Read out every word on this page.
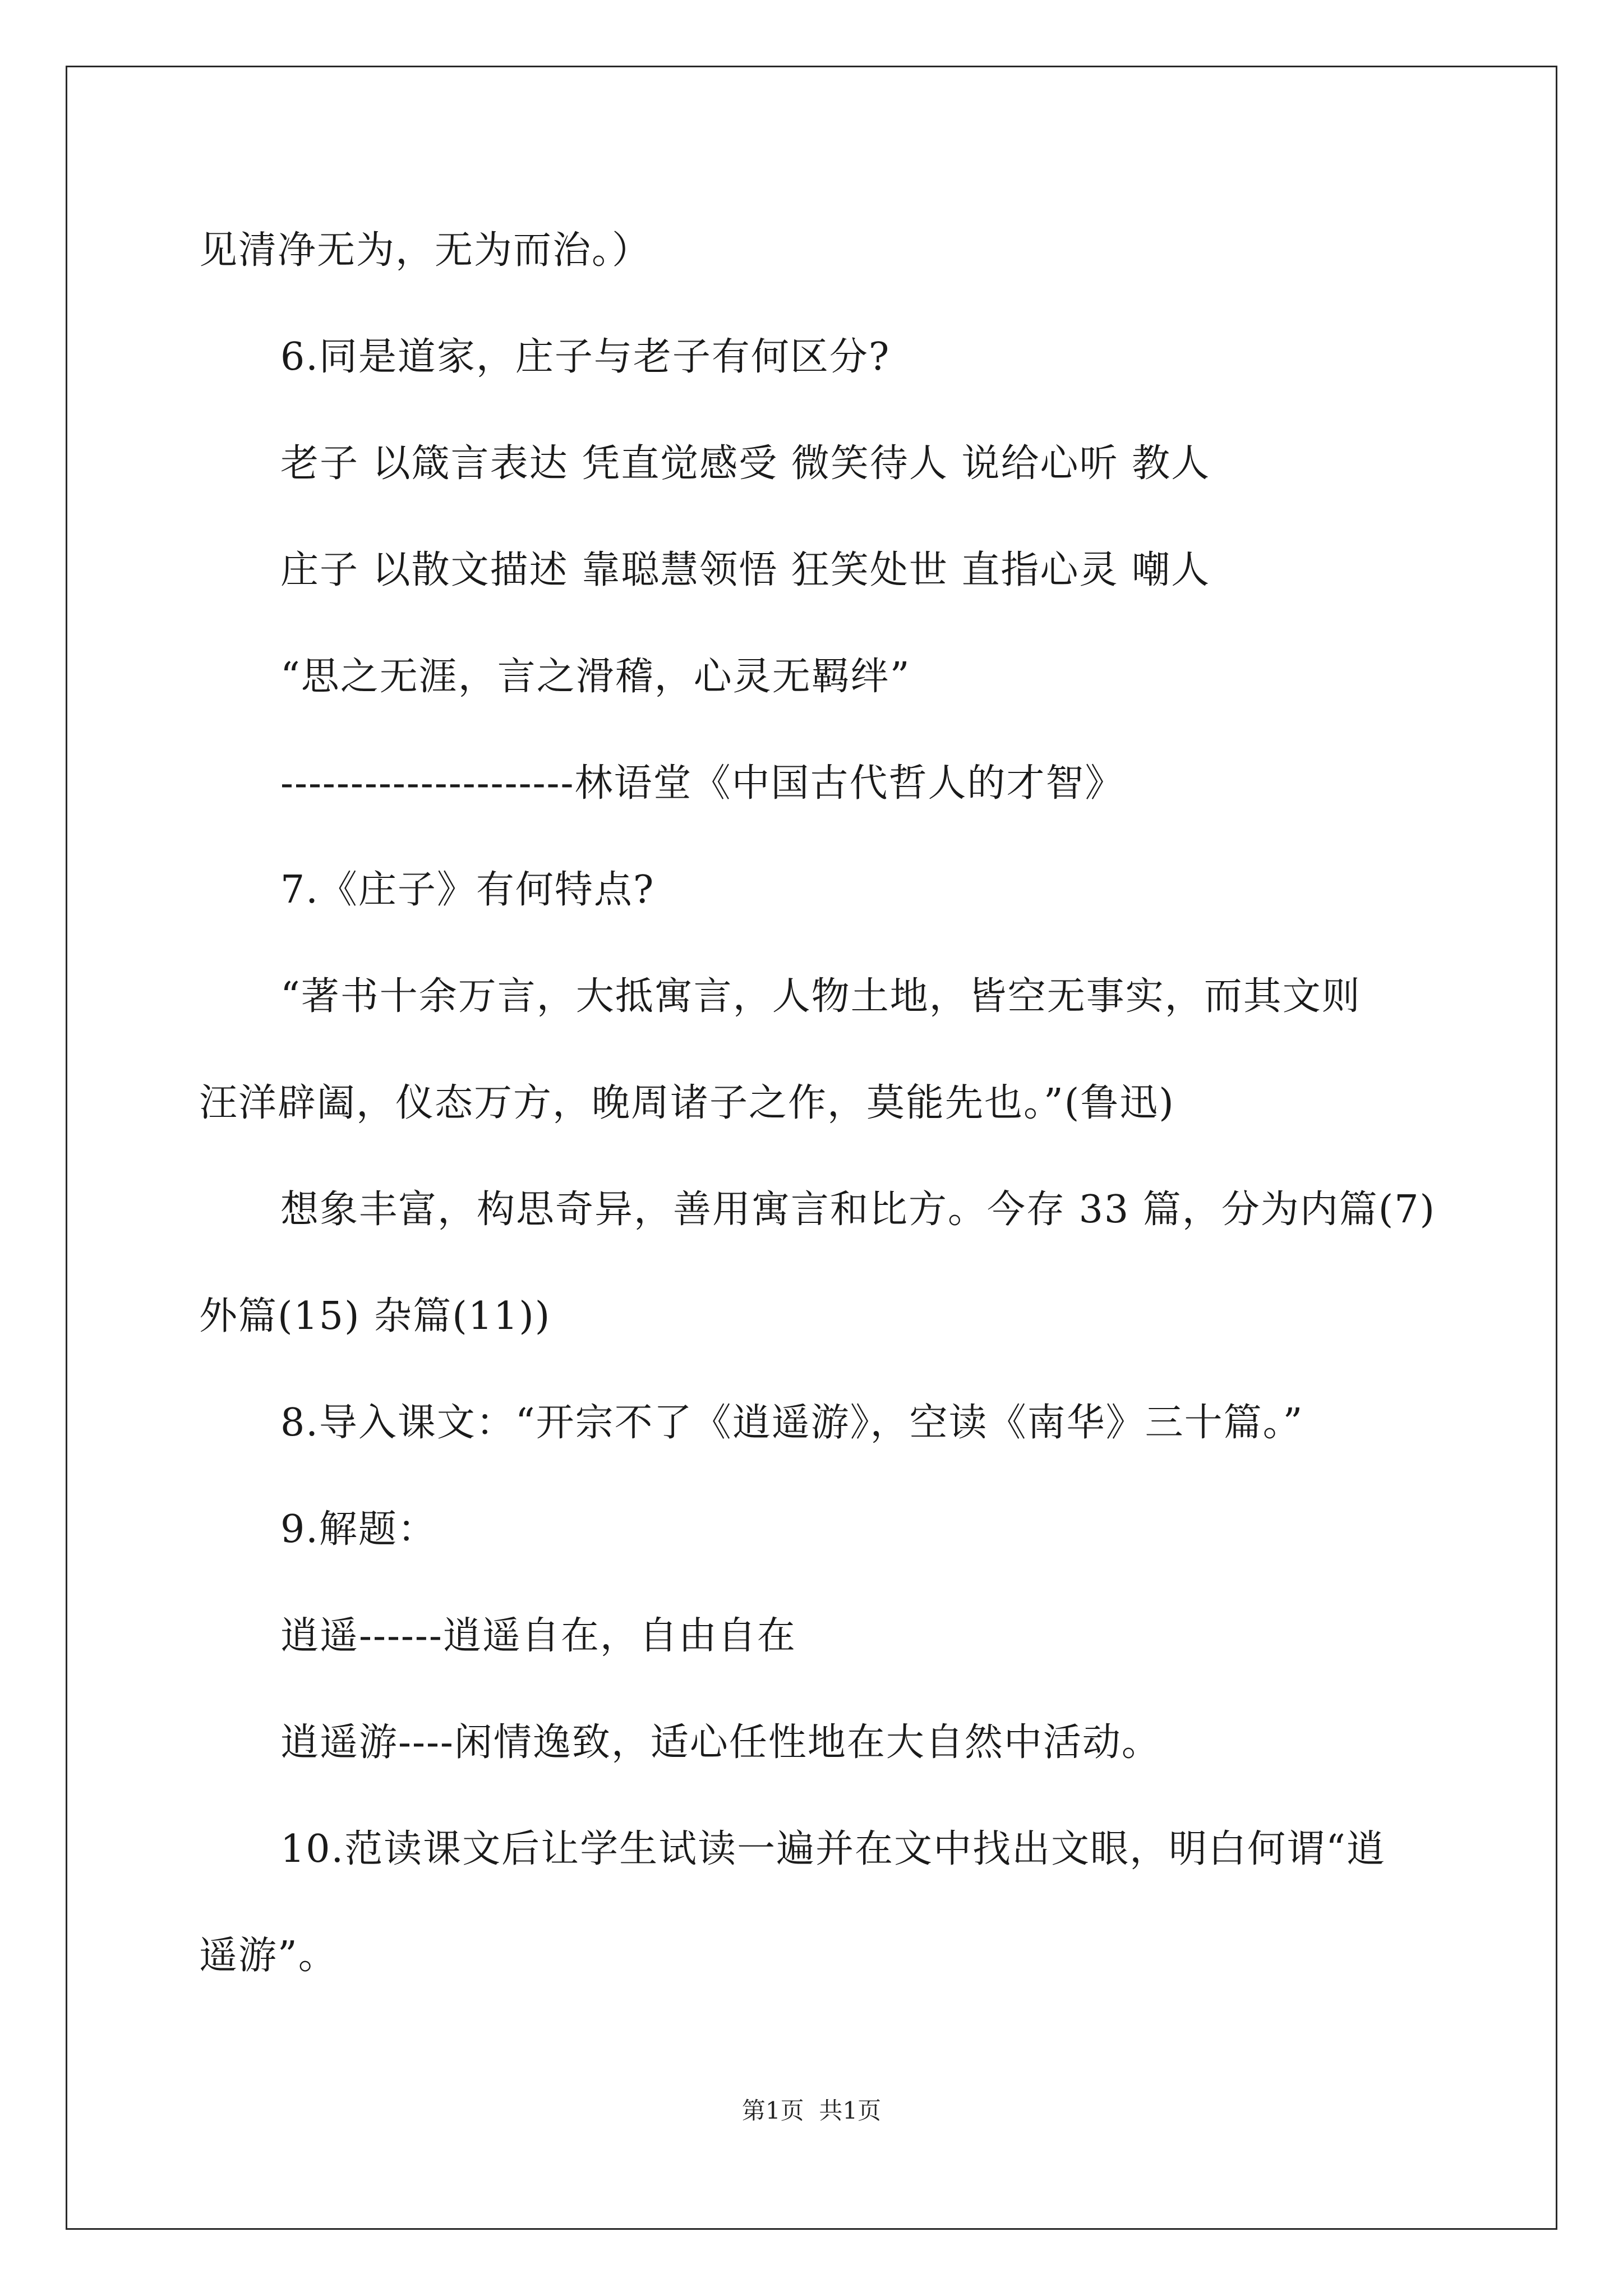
见清净无为，无为而治。）
6.同是道家，庄子与老子有何区分?
老子 以箴言表达 凭直觉感受 微笑待人 说给心听 教人
庄子 以散文描述 靠聪慧领悟 狂笑处世 直指心灵 嘲人
“思之无涯，言之滑稽，心灵无羁绊”
---------------------林语堂《中国古代哲人的才智》
7.《庄子》有何特点?
“著书十余万言，大抵寓言，人物土地，皆空无事实，而其文则
汪洋辟阖，仪态万方，晚周诸子之作，莫能先也。”(鲁迅)
想象丰富，构思奇异，善用寓言和比方。今存 33 篇，分为内篇(7)
外篇(15) 杂篇(11))
8.导入课文：“开宗不了《逍遥游》，空读《南华》三十篇。”
9.解题：
逍遥------逍遥自在，自由自在
逍遥游----闲情逸致，适心任性地在大自然中活动。
10.范读课文后让学生试读一遍并在文中找出文眼，明白何谓“逍
遥游”。
第1页  共1页
